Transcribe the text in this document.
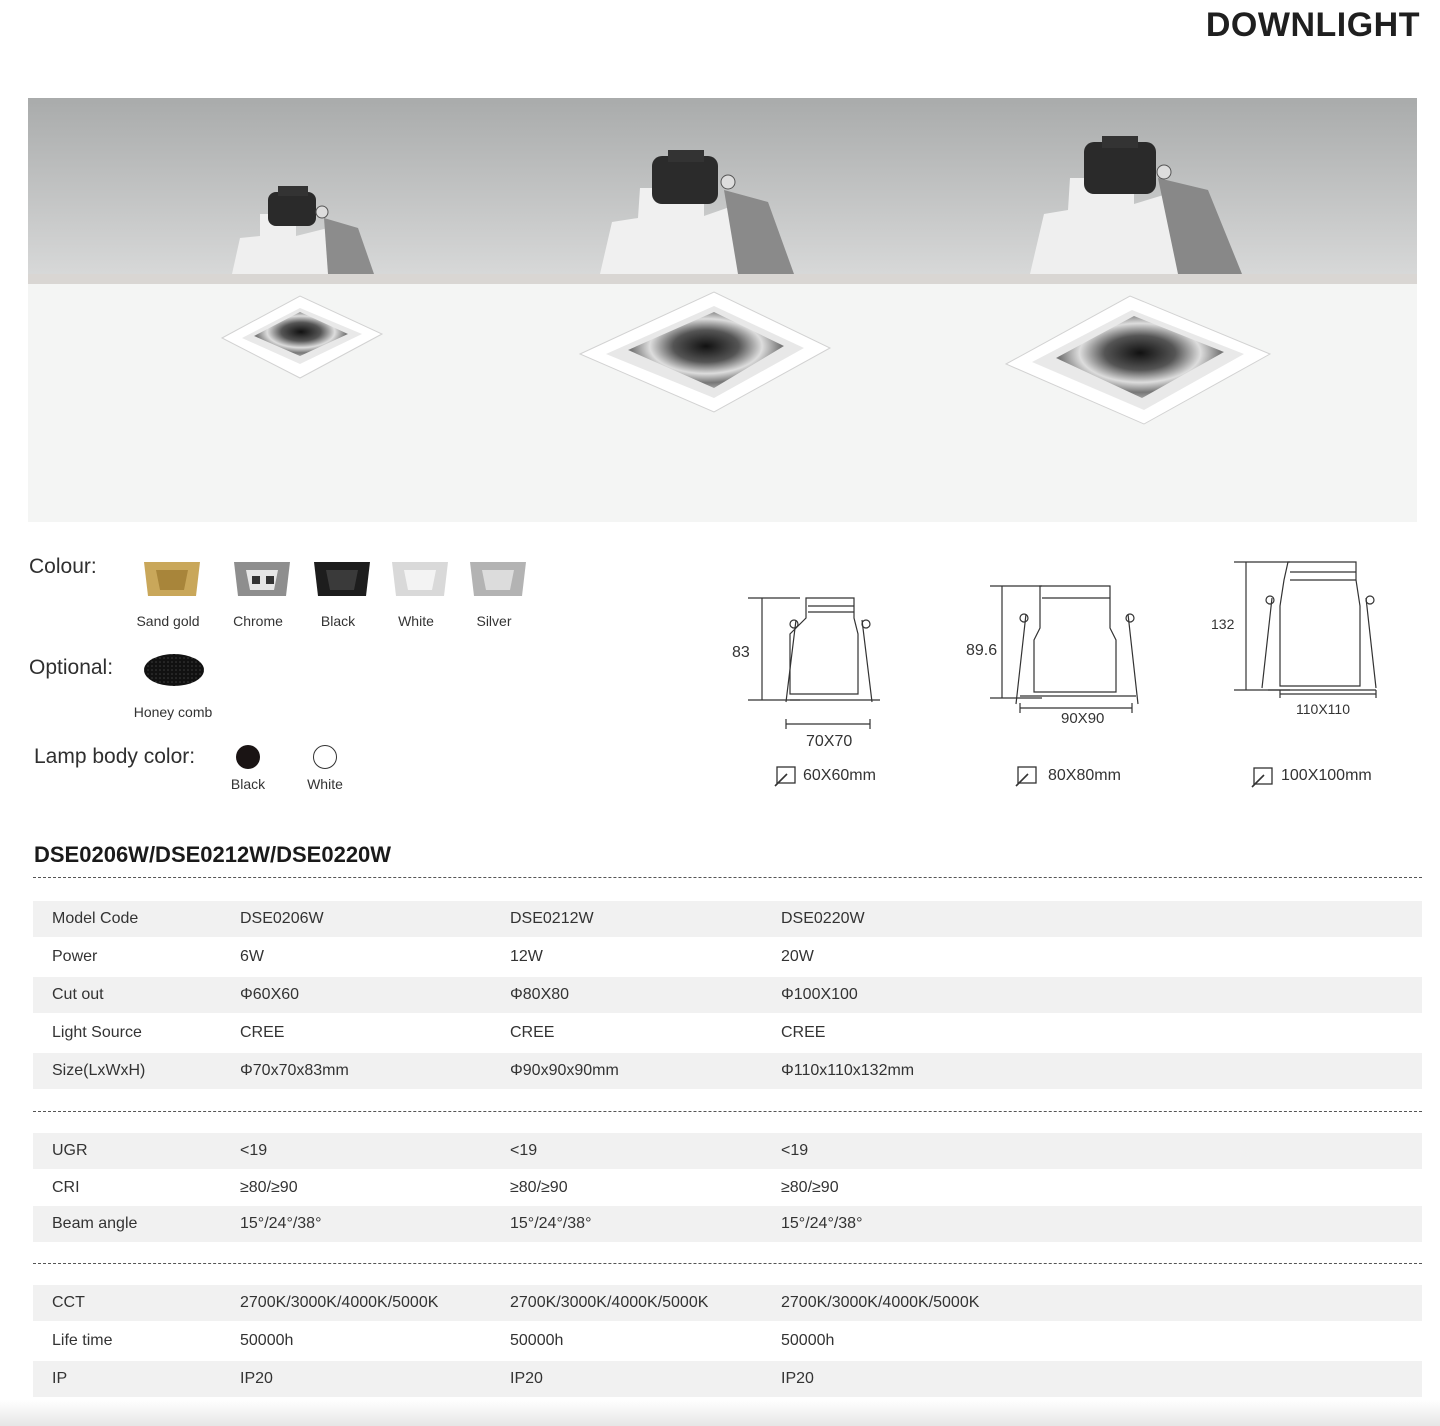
DOWNLIGHT
Colour:
Sand gold	Chrome	Black	White	Silver
Optional:
Honey comb
Lamp body color:
Black	White
83
70X70
89.6
90X90
132
110X110
60X60mm	80X80mm	100X100mm
DSE0206W/DSE0212W/DSE0220W
Model Code	DSE0206W	DSE0212W	DSE0220W
Power	6W	12W	20W
Cut out	Φ60X60	Φ80X80	Φ100X100
Light Source	CREE	CREE	CREE
Size(LxWxH)	Φ70x70x83mm	Φ90x90x90mm	Φ110x110x132mm
UGR	<19	<19	<19
CRI	≥80/≥90	≥80/≥90	≥80/≥90
Beam angle	15°/24°/38°	15°/24°/38°	15°/24°/38°
CCT	2700K/3000K/4000K/5000K	2700K/3000K/4000K/5000K	2700K/3000K/4000K/5000K
Life time	50000h	50000h	50000h
IP	IP20	IP20	IP20
